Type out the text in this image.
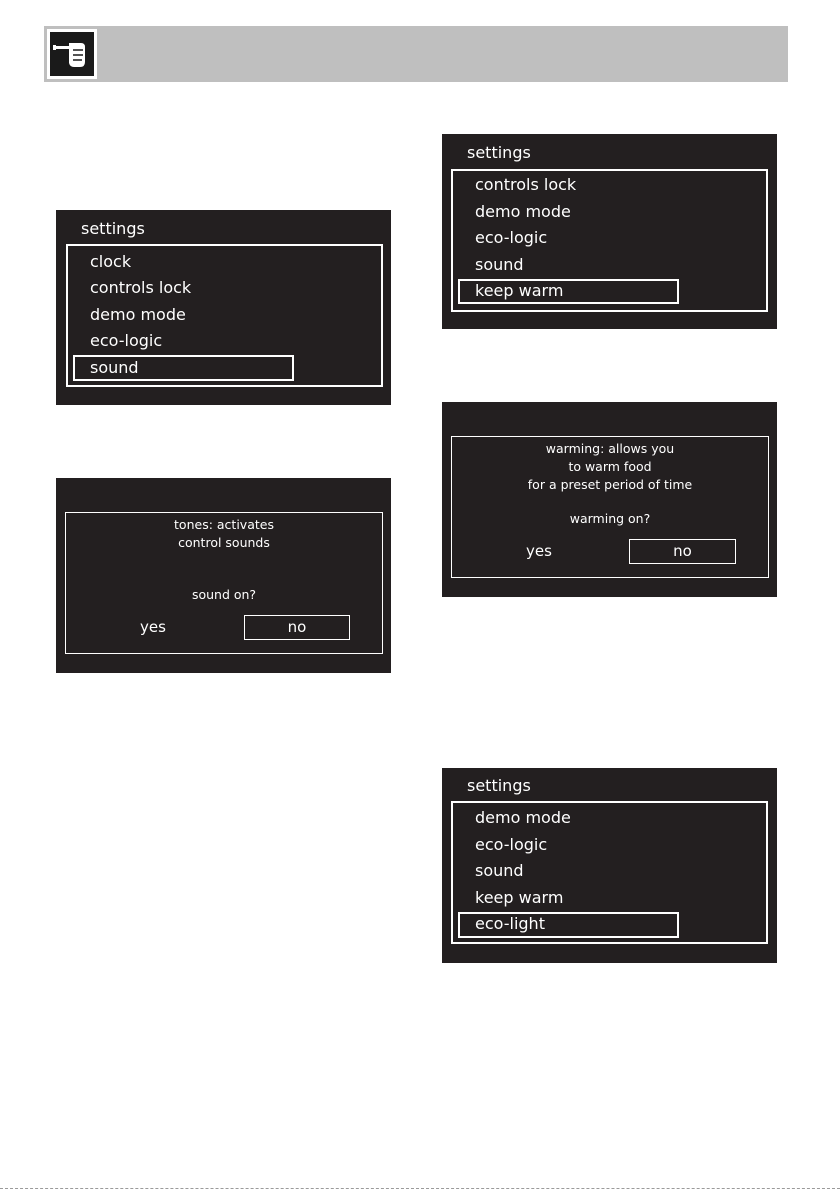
settings
clock
controls lock
demo mode
eco-logic
sound
tones: activates
control sounds
sound on?
yes	no
settings
controls lock
demo mode
eco-logic
sound
keep warm
warming: allows you
to warm food
for a preset period of time
warming on?
yes	no
settings
demo mode
eco-logic
sound
keep warm
eco-light
